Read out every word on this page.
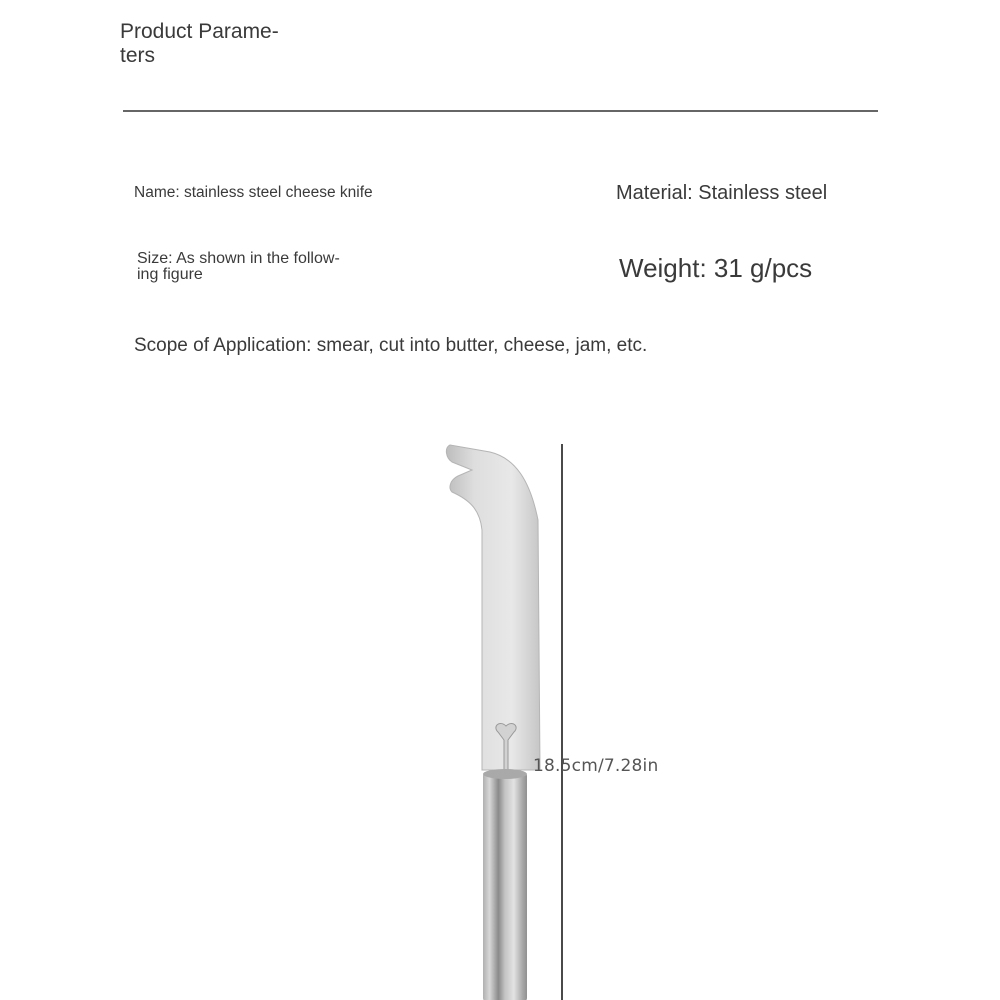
Product Parame-
ters
Name: stainless steel cheese knife	Material: Stainless steel
Size: As shown in the follow-
ing figure	Weight: 31 g/pcs
Scope of Application: smear, cut into butter, cheese, jam, etc.
18.5cm/7.28in
